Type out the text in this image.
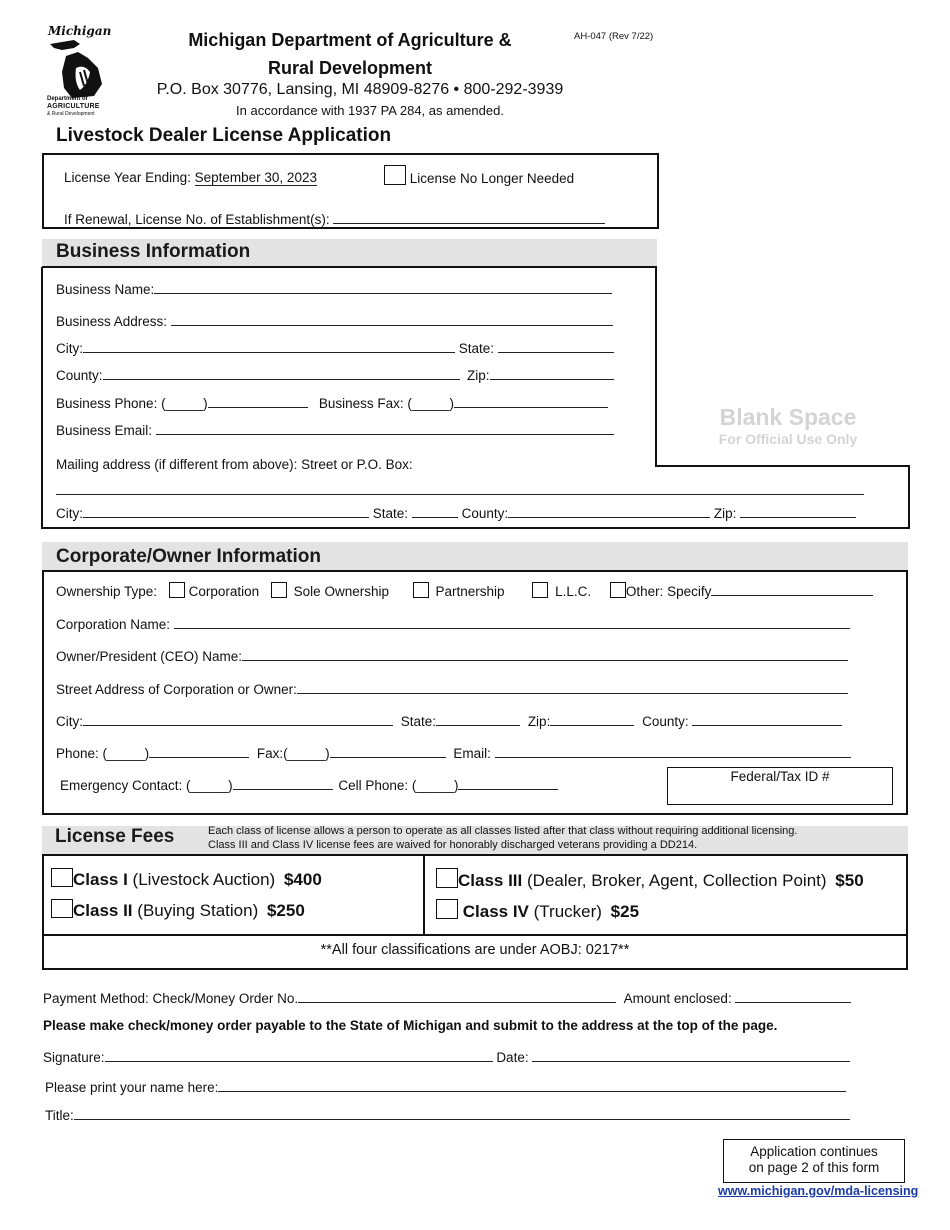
Michigan
Department of
AGRICULTURE
& Rural Development
Michigan Department of Agriculture &
Rural Development
P.O. Box 30776, Lansing, MI 48909-8276 • 800-292-3939
In accordance with 1937 PA 284, as amended.
AH-047 (Rev 7/22)
Livestock Dealer License Application
License Year Ending: September 30, 2023	License No Longer Needed
If Renewal, License No. of Establishment(s):
Business Information
Business Name:
Business Address:
City:	State:
County:	Zip:
Business Phone: (_____)	Business Fax: (_____)
Business Email:
Mailing address (if different from above): Street or P.O. Box:
City:	State:	County:	Zip:
Blank Space
For Official Use Only
Corporate/Owner Information
Ownership Type: Corporation	Sole Ownership	Partnership	L.L.C.	Other: Specify
Corporation Name:
Owner/President (CEO) Name:
Street Address of Corporation or Owner:
City:	State:	Zip:	County:
Phone: (_____)	Fax:(_____)	Email:
Emergency Contact: (_____)	Cell Phone: (_____)
Federal/Tax ID #
License Fees	Each class of license allows a person to operate as all classes listed after that class without requiring additional licensing.
Class III and Class IV license fees are waived for honorably discharged veterans providing a DD214.
Class I (Livestock Auction) $400
Class II (Buying Station) $250
Class III (Dealer, Broker, Agent, Collection Point) $50
Class IV (Trucker) $25
**All four classifications are under AOBJ: 0217**
Payment Method: Check/Money Order No.	Amount enclosed:
Please make check/money order payable to the State of Michigan and submit to the address at the top of the page.
Signature:	Date:
Please print your name here:
Title:
Application continues
on page 2 of this form
www.michigan.gov/mda-licensing
